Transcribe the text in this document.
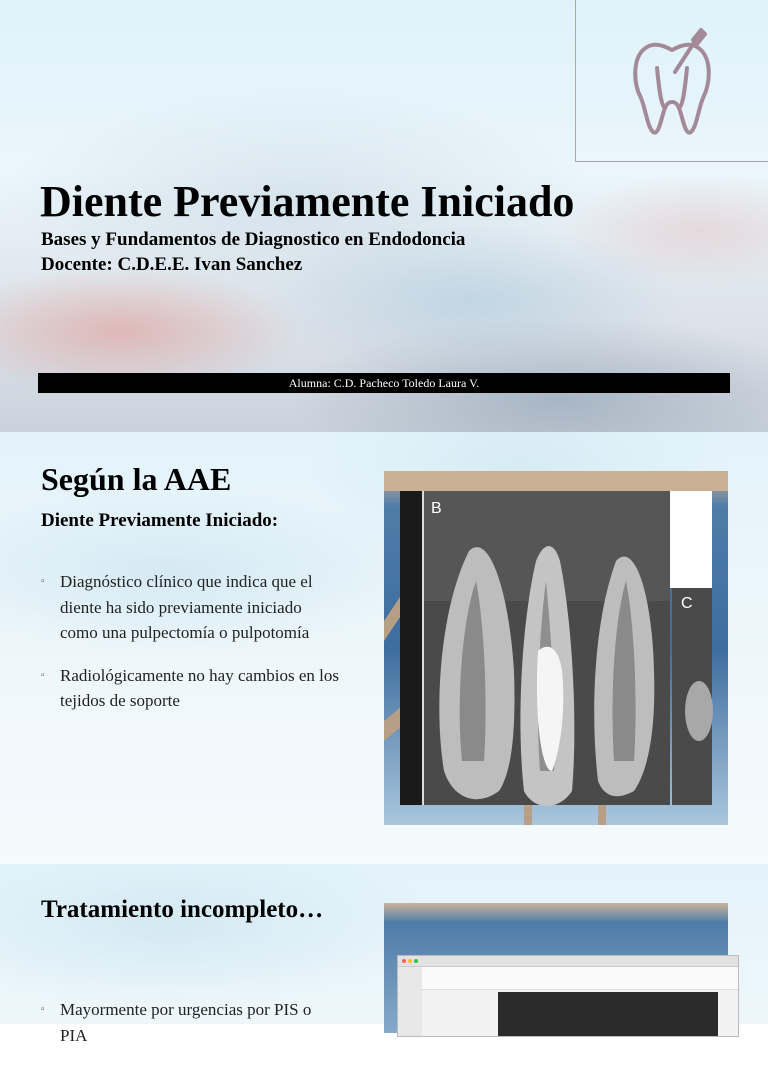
Diente Previamente Iniciado

Bases y Fundamentos de Diagnostico en Endodoncia

Docente: C.D.E.E. Ivan Sanchez

Alumna: C.D. Pacheco Toledo Laura V.
Según la AAE

Diente Previamente Iniciado:

▫ Diagnóstico clínico que indica que el diente ha sido previamente iniciado como una pulpectomía o pulpotomía
▫ Radiológicamente no hay cambios en los tejidos de soporte
B
C
Tratamiento incompleto…
▫ Mayormente por urgencias por PIS o PIA
